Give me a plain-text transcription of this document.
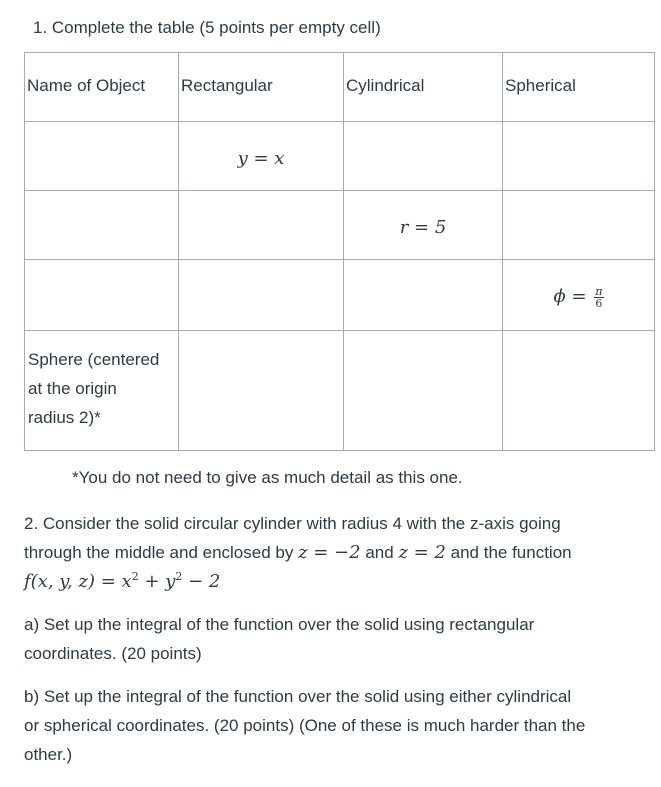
1. Complete the table (5 points per empty cell)
Name of Object	Rectangular	Cylindrical	Spherical

	y = x		

		r = 5	

			$\phi = \frac{\pi}{6}$

Sphere (centered
at the origin
radius 2)*			

*You do not need to give as much detail as this one.
2. Consider the solid circular cylinder with radius 4 with the z-axis going
through the middle and enclosed by z = −2 and z = 2 and the function
f(x, y, $z) = x^2 + y^2 - 2$
a) Set up the integral of the function over the solid using rectangular
coordinates. (20 points)
b) Set up the integral of the function over the solid using either cylindrical
or spherical coordinates. (20 points) (One of these is much harder than the
other.)
